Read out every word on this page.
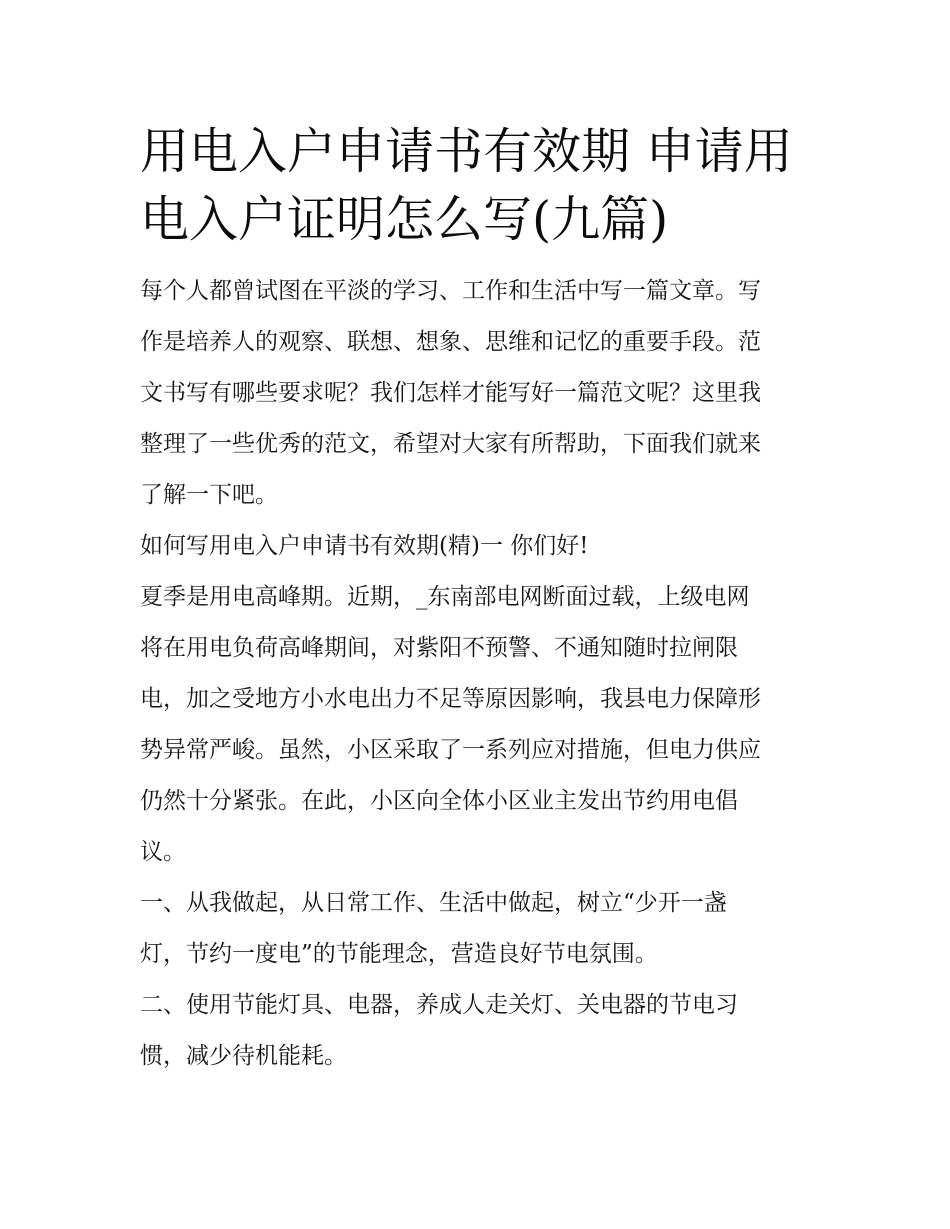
用电入户申请书有效期 申请用
电入户证明怎么写(九篇)

每个人都曾试图在平淡的学习、工作和生活中写一篇文章。写
作是培养人的观察、联想、想象、思维和记忆的重要手段。范
文书写有哪些要求呢？我们怎样才能写好一篇范文呢？这里我
整理了一些优秀的范文，希望对大家有所帮助，下面我们就来
了解一下吧。

如何写用电入户申请书有效期(精)一 你们好!

夏季是用电高峰期。近期，_东南部电网断面过载，上级电网
将在用电负荷高峰期间，对紫阳不预警、不通知随时拉闸限
电，加之受地方小水电出力不足等原因影响，我县电力保障形
势异常严峻。虽然，小区采取了一系列应对措施，但电力供应
仍然十分紧张。在此，小区向全体小区业主发出节约用电倡
议。

一、从我做起，从日常工作、生活中做起，树立“少开一盏
灯，节约一度电”的节能理念，营造良好节电氛围。

二、使用节能灯具、电器，养成人走关灯、关电器的节电习
惯，减少待机能耗。
